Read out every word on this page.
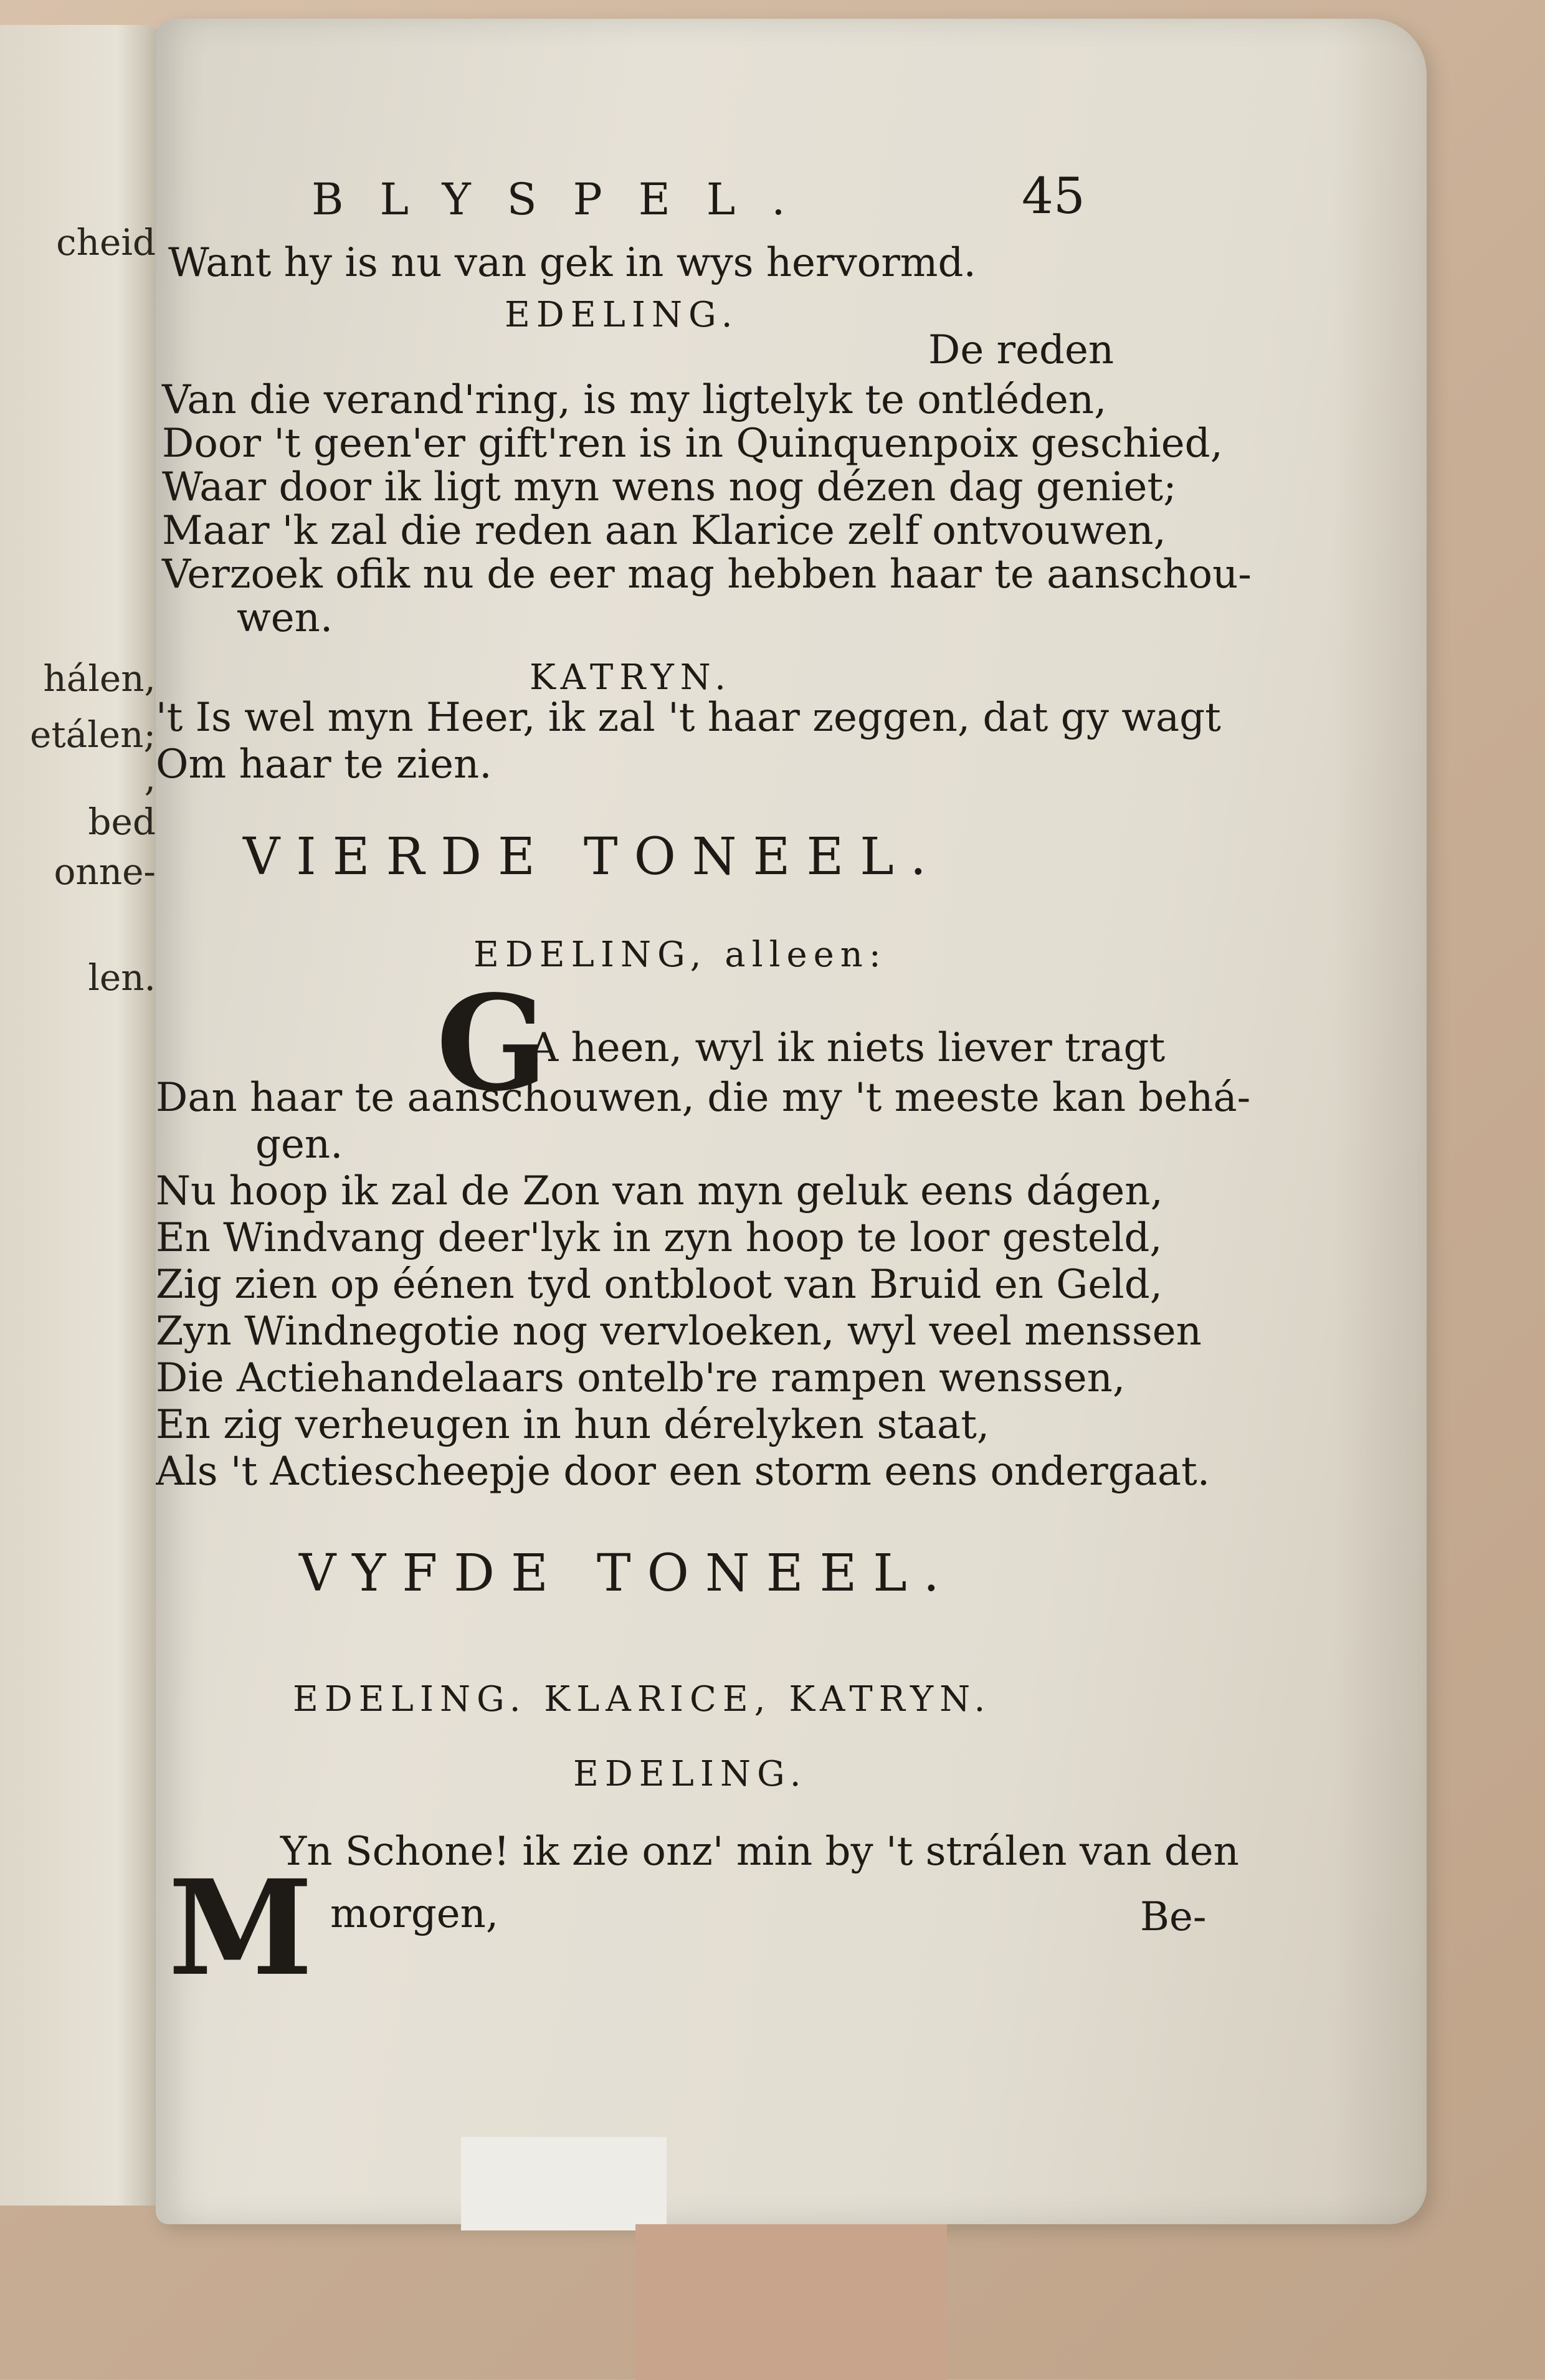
cheid
hálen,
etálen;
,
bed
onne-
len.
BLYSPEL.	45
Want hy is nu van gek in wys hervormd.
EDELING.
De reden
Van die verand'ring, is my ligtelyk te ontléden,
Door 't geen'er gift'ren is in Quinquenpoix geschied,
Waar door ik ligt myn wens nog dézen dag geniet;
Maar 'k zal die reden aan Klarice zelf ontvouwen,
Verzoek ofik nu de eer mag hebben haar te aanschou-
wen.
KATRYN.
't Is wel myn Heer, ik zal 't haar zeggen, dat gy wagt
Om haar te zien.
VIERDE TONEEL.
EDELING, alleen:
G
A heen, wyl ik niets liever tragt
Dan haar te aanschouwen, die my 't meeste kan behá-
gen.
Nu hoop ik zal de Zon van myn geluk eens dágen,
En Windvang deer'lyk in zyn hoop te loor gesteld,
Zig zien op éénen tyd ontbloot van Bruid en Geld,
Zyn Windnegotie nog vervloeken, wyl veel menssen
Die Actiehandelaars ontelb're rampen wenssen,
En zig verheugen in hun dérelyken staat,
Als 't Actiescheepje door een storm eens ondergaat.
VYFDE TONEEL.
EDELING. KLARICE, KATRYN.
EDELING.
M
Yn Schone! ik zie onz' min by 't strálen van den
morgen,	Be-
